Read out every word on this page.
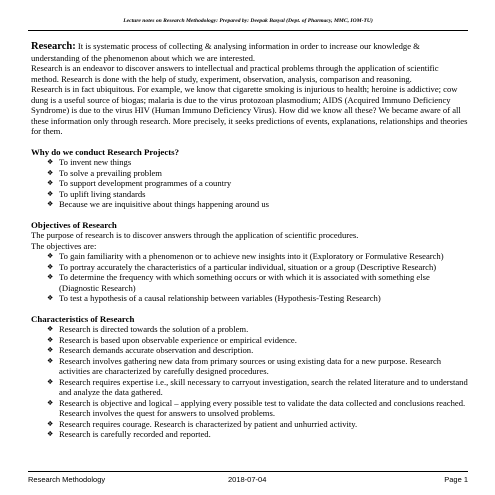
Lecture notes on Research Methodology: Prepared by: Deepak Basyal (Dept. of Pharmacy, MMC, IOM-TU)

Research: It is systematic process of collecting & analysing information in order to increase our knowledge & understanding of the phenomenon about which we are interested.

Research is an endeavor to discover answers to intellectual and practical problems through the application of scientific method. Research is done with the help of study, experiment, observation, analysis, comparison and reasoning.

Research is in fact ubiquitous. For example, we know that cigarette smoking is injurious to health; heroine is addictive; cow dung is a useful source of biogas; malaria is due to the virus protozoan plasmodium; AIDS (Acquired Immuno Deficiency Syndrome) is due to the virus HIV (Human Immuno Deficiency Virus). How did we know all these? We became aware of all these information only through research. More precisely, it seeks predictions of events, explanations, relationships and theories for them.

Why do we conduct Research Projects?
❖ To invent new things
❖ To solve a prevailing problem
❖ To support development programmes of a country
❖ To uplift living standards
❖ Because we are inquisitive about things happening around us
Objectives of Research

The purpose of research is to discover answers through the application of scientific procedures.

The objectives are:

❖ To gain familiarity with a phenomenon or to achieve new insights into it (Exploratory or Formulative Research)
❖ To portray accurately the characteristics of a particular individual, situation or a group (Descriptive Research)
❖ To determine the frequency with which something occurs or with which it is associated with something else (Diagnostic Research)
❖ To test a hypothesis of a causal relationship between variables (Hypothesis-Testing Research)
Characteristics of Research
❖ Research is directed towards the solution of a problem.
❖ Research is based upon observable experience or empirical evidence.
❖ Research demands accurate observation and description.
❖ Research involves gathering new data from primary sources or using existing data for a new purpose. Research activities are characterized by carefully designed procedures.
❖ Research requires expertise i.e., skill necessary to carryout investigation, search the related literature and to understand and analyze the data gathered.
❖ Research is objective and logical – applying every possible test to validate the data collected and conclusions reached. Research involves the quest for answers to unsolved problems.
❖ Research requires courage. Research is characterized by patient and unhurried activity.
❖ Research is carefully recorded and reported.
Research Methodology	2018-07-04	Page 1
